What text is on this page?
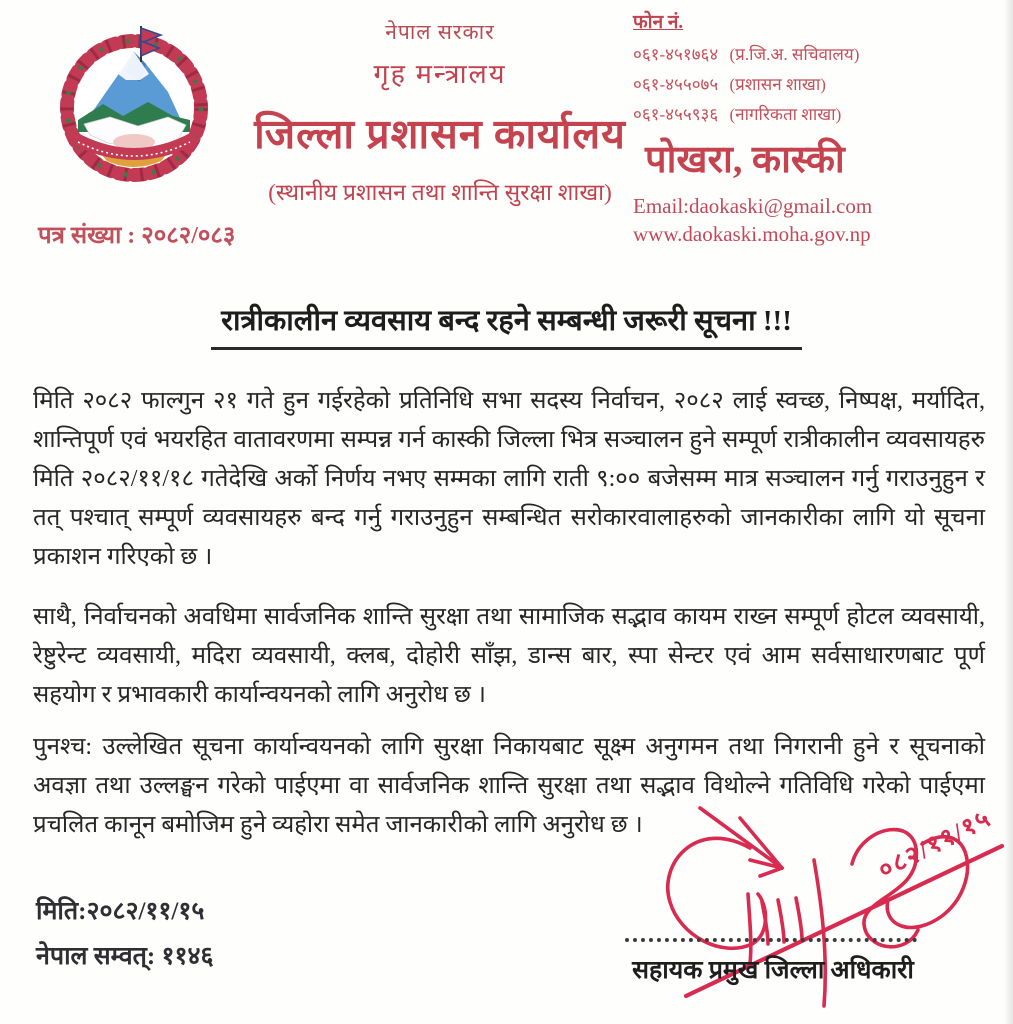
नेपाल सरकार
गृह मन्त्रालय
जिल्ला प्रशासन कार्यालय
(स्थानीय प्रशासन तथा शान्ति सुरक्षा शाखा)
फोन नं.
०६१-४५१७६४ (प्र.जि.अ. सचिवालय)
०६१-४५५०७५ (प्रशासन शाखा)
०६१-४५५९३६ (नागरिकता शाखा)
पोखरा, कास्की
Email:daokaski@gmail.com
www.daokaski.moha.gov.np
पत्र संख्या : २०८२/०८३
रात्रीकालीन व्यवसाय बन्द रहने सम्बन्धी जरूरी सूचना !!!
मिति २०८२ फाल्गुन २१ गते हुन गईरहेको प्रतिनिधि सभा सदस्य निर्वाचन, २०८२ लाई स्वच्छ, निष्पक्ष, मर्यादित, शान्तिपूर्ण एवं भयरहित वातावरणमा सम्पन्न गर्न कास्की जिल्ला भित्र सञ्चालन हुने सम्पूर्ण रात्रीकालीन व्यवसायहरु मिति २०८२/११/१८ गतेदेखि अर्को निर्णय नभए सम्मका लागि राती ९:०० बजेसम्म मात्र सञ्चालन गर्नु गराउनुहुन र तत् पश्चात् सम्पूर्ण व्यवसायहरु बन्द गर्नु गराउनुहुन सम्बन्धित सरोकारवालाहरुको जानकारीका लागि यो सूचना प्रकाशन गरिएको छ ।
साथै, निर्वाचनको अवधिमा सार्वजनिक शान्ति सुरक्षा तथा सामाजिक सद्भाव कायम राख्न सम्पूर्ण होटल व्यवसायी, रेष्टुरेन्ट व्यवसायी, मदिरा व्यवसायी, क्लब, दोहोरी साँझ, डान्स बार, स्पा सेन्टर एवं आम सर्वसाधारणबाट पूर्ण सहयोग र प्रभावकारी कार्यान्वयनको लागि अनुरोध छ ।
पुनश्च: उल्लेखित सूचना कार्यान्वयनको लागि सुरक्षा निकायबाट सूक्ष्म अनुगमन तथा निगरानी हुने र सूचनाको अवज्ञा तथा उल्लङ्घन गरेको पाईएमा वा सार्वजनिक शान्ति सुरक्षा तथा सद्भाव विथोल्ने गतिविधि गरेको पाईएमा प्रचलित कानून बमोजिम हुने व्यहोरा समेत जानकारीको लागि अनुरोध छ ।
मिति:२०८२/११/१५
नेपाल सम्वत्: ११४६
०८२/११/१५
सहायक प्रमुख जिल्ला अधिकारी
